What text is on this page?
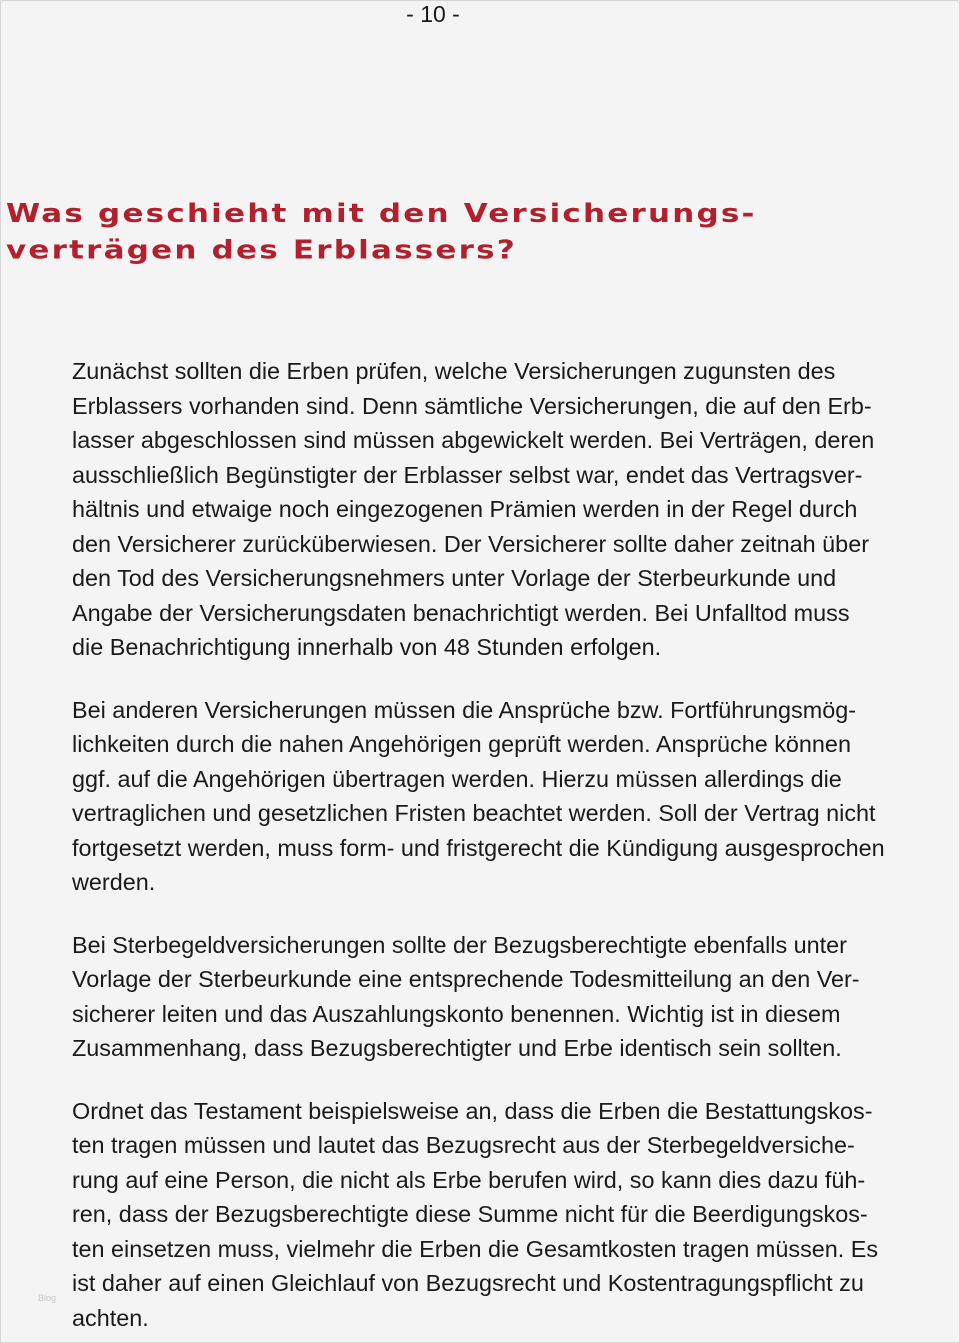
- 10 -
Was geschieht mit den Versicherungs-
verträgen des Erblassers?

Zunächst sollten die Erben prüfen, welche Versicherungen zugunsten des
Erblassers vorhanden sind. Denn sämtliche Versicherungen, die auf den Erb-
lasser abgeschlossen sind müssen abgewickelt werden. Bei Verträgen, deren
ausschließlich Begünstigter der Erblasser selbst war, endet das Vertragsver-
hältnis und etwaige noch eingezogenen Prämien werden in der Regel durch
den Versicherer zurücküberwiesen. Der Versicherer sollte daher zeitnah über
den Tod des Versicherungsnehmers unter Vorlage der Sterbeurkunde und
Angabe der Versicherungsdaten benachrichtigt werden. Bei Unfalltod muss
die Benachrichtigung innerhalb von 48 Stunden erfolgen.

Bei anderen Versicherungen müssen die Ansprüche bzw. Fortführungsmög-
lichkeiten durch die nahen Angehörigen geprüft werden. Ansprüche können
ggf. auf die Angehörigen übertragen werden. Hierzu müssen allerdings die
vertraglichen und gesetzlichen Fristen beachtet werden. Soll der Vertrag nicht
fortgesetzt werden, muss form- und fristgerecht die Kündigung ausgesprochen
werden.

Bei Sterbegeldversicherungen sollte der Bezugsberechtigte ebenfalls unter
Vorlage der Sterbeurkunde eine entsprechende Todesmitteilung an den Ver-
sicherer leiten und das Auszahlungskonto benennen. Wichtig ist in diesem
Zusammenhang, dass Bezugsberechtigter und Erbe identisch sein sollten.

Ordnet das Testament beispielsweise an, dass die Erben die Bestattungskos-
ten tragen müssen und lautet das Bezugsrecht aus der Sterbegeldversiche-
rung auf eine Person, die nicht als Erbe berufen wird, so kann dies dazu füh-
ren, dass der Bezugsberechtigte diese Summe nicht für die Beerdigungskos-
ten einsetzen muss, vielmehr die Erben die Gesamtkosten tragen müssen. Es
ist daher auf einen Gleichlauf von Bezugsrecht und Kostentragungspflicht zu
achten.

Blog
